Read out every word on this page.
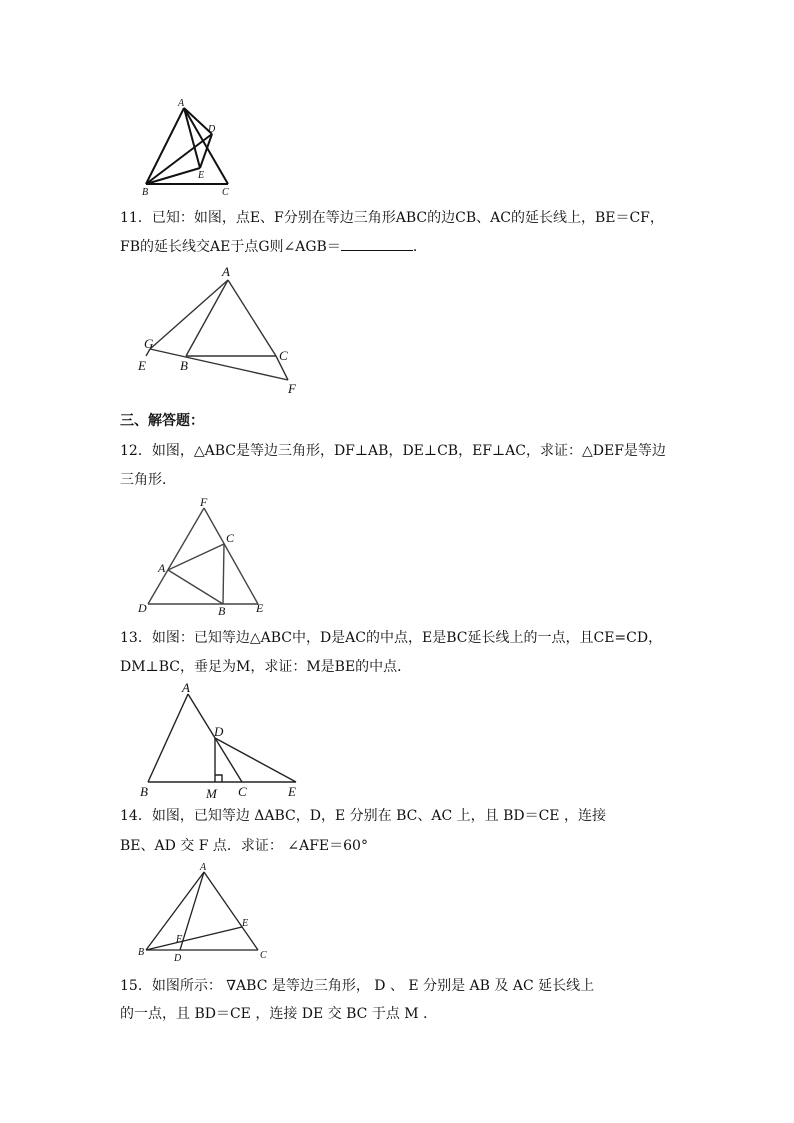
A
B	C
D
E
11．已知：如图，点E、F分别在等边三角形ABC的边CB、AC的延长线上，BE＝CF，
FB的延长线交AE于点G则∠AGB＝	．
A
G
E	B
C
F
三、解答题：
12．如图，△ABC是等边三角形，DF⊥AB，DE⊥CB，EF⊥AC，求证：△DEF是等边
三角形．
F
C
A
D	B	E
13．如图：已知等边△ABC中，D是AC的中点，E是BC延长线上的一点，且CE=CD，
DM⊥BC，垂足为M，求证：M是BE的中点．
A
D
B	M C	E
14．如图，已知等边 ΔABC，D，E 分别在 BC、AC 上，且 BD＝CE ，连接
BE、AD 交 F 点．求证： ∠AFE＝60°
A
E
F
B
D	C
15．如图所示： ∇ABC 是等边三角形， D 、 E 分别是 AB 及 AC 延长线上
的一点，且 BD＝CE ，连接 DE 交 BC 于点 M ．
